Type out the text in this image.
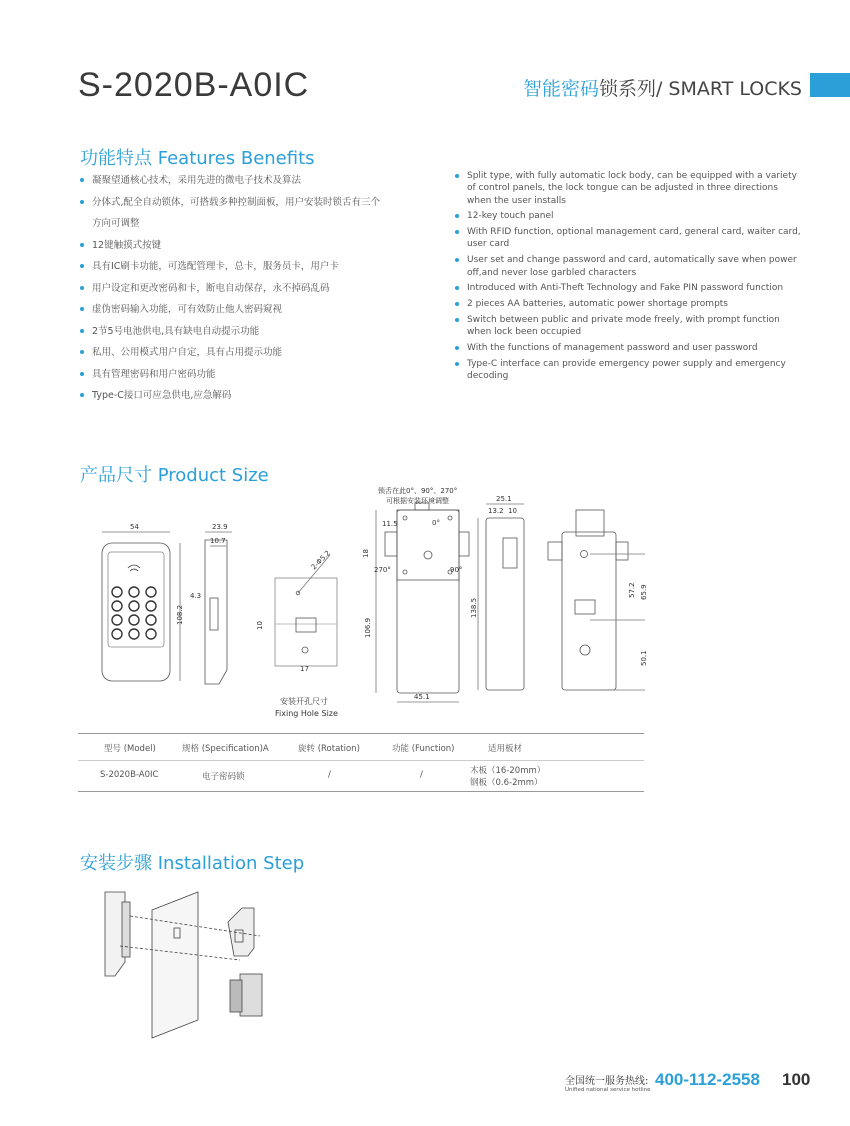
S-2020B-A0IC	智能密码锁系列/ SMART LOCKS
功能特点 Features Benefits
凝聚望通核心技术，采用先进的微电子技术及算法
分体式,配全自动锁体，可搭载多种控制面板，用户安装时锁舌有三个
方向可调整
12键触摸式按键
具有IC刷卡功能，可选配管理卡，总卡，服务员卡，用户卡
用户设定和更改密码和卡，断电自动保存，永不掉码乱码
虚伪密码输入功能，可有效防止他人密码窥视
2节5号电池供电,具有缺电自动提示功能
私用、公用模式用户自定，具有占用提示功能
具有管理密码和用户密码功能
Type-C接口可应急供电,应急解码
Split type, with fully automatic lock body, can be equipped with a variety of control panels, the lock tongue can be adjusted in three directions when the user installs
12-key touch panel
With RFID function, optional management card, general card, waiter card, user card
User set and change password and card, automatically save when power off,and never lose garbled characters
Introduced with Anti-Theft Technology and Fake PIN password function
2 pieces AA batteries, automatic power shortage prompts
Switch between public and private mode freely, with prompt function when lock been occupied
With the functions of management password and user password
Type-C interface can provide emergency power supply and emergency decoding
产品尺寸 Product Size
54
108.2
23.9
10.7
4.3
2-Φ5.2
10
17
锁舌在此0°、90°、270°
可根据安装环境调整
11.5	0°
18
270°	90°
106.9
45.1
138.5
25.1
13.2 10
57.2 65.9
50.1
安装开孔尺寸
Fixing Hole Size
型号 (Model)	规格 (Specification)A	旋转 (Rotation)	功能 (Function)	适用板材
S-2020B-A0IC	电子密码锁	/	/	木板（16-20mm）
钢板（0.6-2mm）
安装步骤 Installation Step
全国统一服务热线:
Unified national service hotline
400-112-2558 100
